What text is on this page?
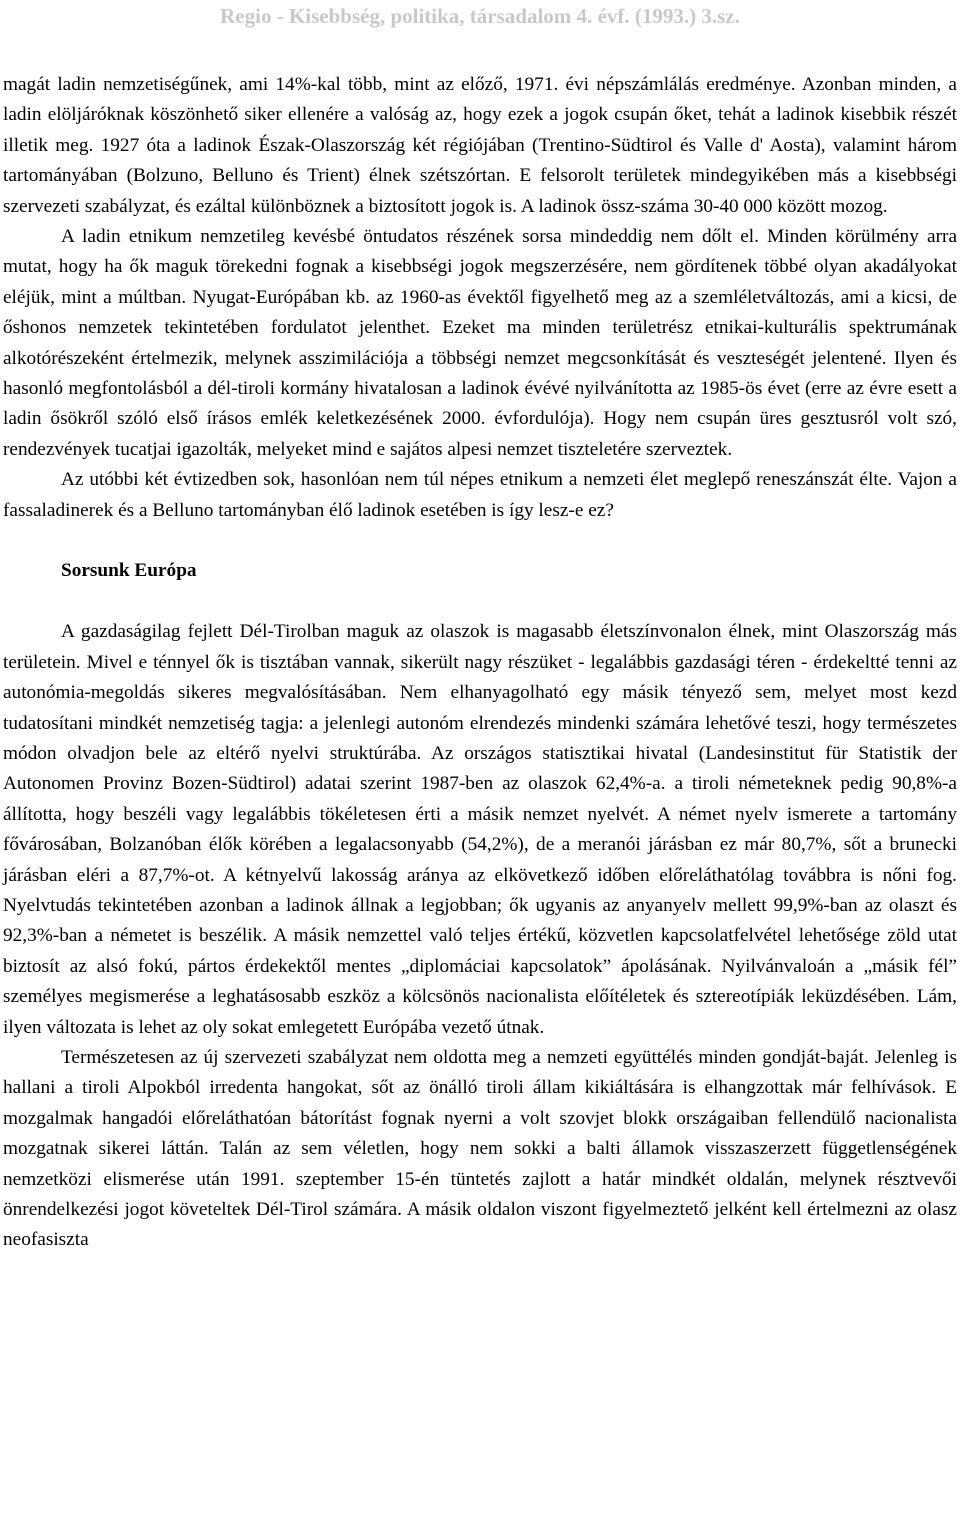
Regio - Kisebbség, politika, társadalom 4. évf. (1993.) 3.sz.

magát ladin nemzetiségűnek, ami 14%-kal több, mint az előző, 1971. évi népszámlálás eredménye. Azonban minden, a ladin elöljáróknak köszönhető siker ellenére a valóság az, hogy ezek a jogok csupán őket, tehát a ladinok kisebbik részét illetik meg. 1927 óta a ladinok Észak-Olaszország két régiójában (Trentino-Südtirol és Valle d' Aosta), valamint három tartományában (Bolzuno, Belluno és Trient) élnek szétszórtan. E felsorolt területek mindegyikében más a kisebbségi szervezeti szabályzat, és ezáltal különböznek a biztosított jogok is. A ladinok össz-száma 30-40 000 között mozog.

A ladin etnikum nemzetileg kevésbé öntudatos részének sorsa mindeddig nem dőlt el. Minden körülmény arra mutat, hogy ha ők maguk törekedni fognak a kisebbségi jogok megszerzésére, nem gördítenek többé olyan akadályokat eléjük, mint a múltban. Nyugat-Európában kb. az 1960-as évektől figyelhető meg az a szemléletváltozás, ami a kicsi, de őshonos nemzetek tekintetében fordulatot jelenthet. Ezeket ma minden területrész etnikai-kulturális spektrumának alkotórészeként értelmezik, melynek asszimilációja a többségi nemzet megcsonkítását és veszteségét jelentené. Ilyen és hasonló megfontolásból a dél-tiroli kormány hivatalosan a ladinok évévé nyilvánította az 1985-ös évet (erre az évre esett a ladin ősökről szóló első írásos emlék keletkezésének 2000. évfordulója). Hogy nem csupán üres gesztusról volt szó, rendezvények tucatjai igazolták, melyeket mind e sajátos alpesi nemzet tiszteletére szerveztek.

Az utóbbi két évtizedben sok, hasonlóan nem túl népes etnikum a nemzeti élet meglepő reneszánszát élte. Vajon a fassaladinerek és a Belluno tartományban élő ladinok esetében is így lesz-e ez?

Sorsunk Európa

A gazdaságilag fejlett Dél-Tirolban maguk az olaszok is magasabb életszínvonalon élnek, mint Olaszország más területein. Mivel e ténnyel ők is tisztában vannak, sikerült nagy részüket - legalábbis gazdasági téren - érdekeltté tenni az autonómia-megoldás sikeres megvalósításában. Nem elhanyagolható egy másik tényező sem, melyet most kezd tudatosítani mindkét nemzetiség tagja: a jelenlegi autonóm elrendezés mindenki számára lehetővé teszi, hogy természetes módon olvadjon bele az eltérő nyelvi struktúrába. Az országos statisztikai hivatal (Landesinstitut für Statistik der Autonomen Provinz Bozen-Südtirol) adatai szerint 1987-ben az olaszok 62,4%-a. a tiroli németeknek pedig 90,8%-a állította, hogy beszéli vagy legalábbis tökéletesen érti a másik nemzet nyelvét. A német nyelv ismerete a tartomány fővárosában, Bolzanóban élők körében a legalacsonyabb (54,2%), de a meranói járásban ez már 80,7%, sőt a brunecki járásban eléri a 87,7%-ot. A kétnyelvű lakosság aránya az elkövetkező időben előreláthatólag továbbra is nőni fog. Nyelvtudás tekintetében azonban a ladinok állnak a legjobban; ők ugyanis az anyanyelv mellett 99,9%-ban az olaszt és 92,3%-ban a németet is beszélik. A másik nemzettel való teljes értékű, közvetlen kapcsolatfelvétel lehetősége zöld utat biztosít az alsó fokú, pártos érdekektől mentes „diplomáciai kapcsolatok” ápolásának. Nyilvánvaloán a „másik fél” személyes megismerése a leghatásosabb eszköz a kölcsönös nacionalista előítéletek és sztereotípiák leküzdésében. Lám, ilyen változata is lehet az oly sokat emlegetett Európába vezető útnak.

Természetesen az új szervezeti szabályzat nem oldotta meg a nemzeti együttélés minden gondját-baját. Jelenleg is hallani a tiroli Alpokból irredenta hangokat, sőt az önálló tiroli állam kikiáltására is elhangzottak már felhívások. E mozgalmak hangadói előreláthatóan bátorítást fognak nyerni a volt szovjet blokk országaiban fellendülő nacionalista mozgatnak sikerei láttán. Talán az sem véletlen, hogy nem sokki a balti államok visszaszerzett függetlenségének nemzetközi elismerése után 1991. szeptember 15-én tüntetés zajlott a határ mindkét oldalán, melynek résztvevői önrendelkezési jogot követeltek Dél-Tirol számára. A másik oldalon viszont figyelmeztető jelként kell értelmezni az olasz neofasiszta
